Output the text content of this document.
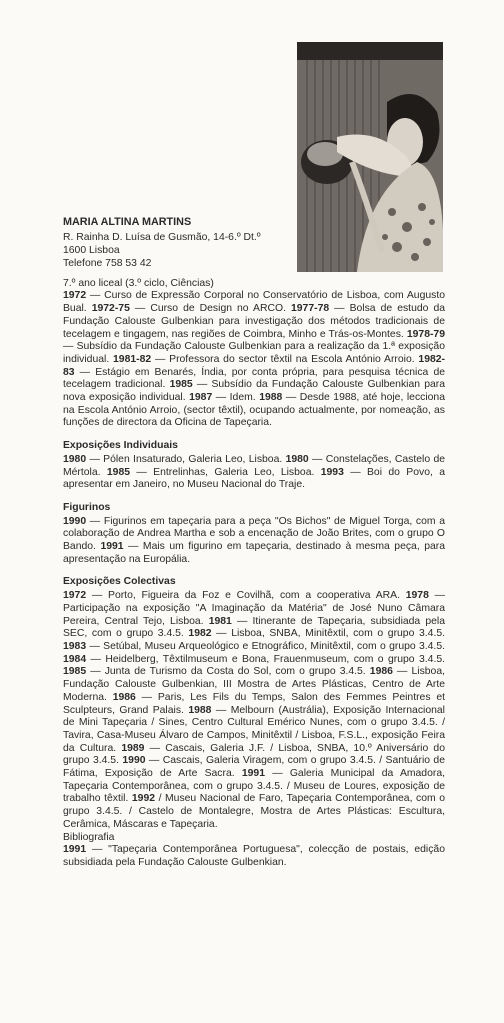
MARIA ALTINA MARTINS

R. Rainha D. Luísa de Gusmão, 14-6.º Dt.º
1600 Lisboa
Telefone 758 53 42
7.º ano liceal (3.º ciclo, Ciências)

1972 — Curso de Expressão Corporal no Conservatório de Lisboa, com Augusto Bual. 1972-75 — Curso de Design no ARCO. 1977-78 — Bolsa de estudo da Fundação Calouste Gulbenkian para investigação dos métodos tradicionais de tecelagem e tingagem, nas regiões de Coimbra, Minho e Trás-os-Montes. 1978-79 — Subsídio da Fundação Calouste Gulbenkian para a realização da 1.ª exposição individual. 1981-82 — Professora do sector têxtil na Escola António Arroio. 1982-83 — Estágio em Benarés, Índia, por conta própria, para pesquisa técnica de tecelagem tradicional. 1985 — Subsídio da Fundação Calouste Gulbenkian para nova exposição individual. 1987 — Idem. 1988 — Desde 1988, até hoje, lecciona na Escola António Arroio, (sector têxtil), ocupando actualmente, por nomeação, as funções de directora da Oficina de Tapeçaria.

Exposições Individuais

1980 — Pólen Insaturado, Galeria Leo, Lisboa. 1980 — Constelações, Castelo de Mértola. 1985 — Entrelinhas, Galeria Leo, Lisboa. 1993 — Boi do Povo, a apresentar em Janeiro, no Museu Nacional do Traje.

Figurinos

1990 — Figurinos em tapeçaria para a peça "Os Bichos" de Miguel Torga, com a colaboração de Andrea Martha e sob a encenação de João Brites, com o grupo O Bando. 1991 — Mais um figurino em tapeçaria, destinado à mesma peça, para apresentação na Europália.

Exposições Colectivas

1972 — Porto, Figueira da Foz e Covilhã, com a cooperativa ARA. 1978 — Participação na exposição "A Imaginação da Matéria" de José Nuno Câmara Pereira, Central Tejo, Lisboa. 1981 — Itinerante de Tapeçaria, subsidiada pela SEC, com o grupo 3.4.5. 1982 — Lisboa, SNBA, Minitêxtil, com o grupo 3.4.5. 1983 — Setúbal, Museu Arqueológico e Etnográfico, Minitêxtil, com o grupo 3.4.5. 1984 — Heidelberg, Têxtilmuseum e Bona, Frauenmuseum, com o grupo 3.4.5. 1985 — Junta de Turismo da Costa do Sol, com o grupo 3.4.5. 1986 — Lisboa, Fundação Calouste Gulbenkian, III Mostra de Artes Plásticas, Centro de Arte Moderna. 1986 — Paris, Les Fils du Temps, Salon des Femmes Peintres et Sculpteurs, Grand Palais. 1988 — Melbourn (Austrália), Exposição Internacional de Mini Tapeçaria / Sines, Centro Cultural Emérico Nunes, com o grupo 3.4.5. / Tavira, Casa-Museu Álvaro de Campos, Minitêxtil / Lisboa, F.S.L., exposição Feira da Cultura. 1989 — Cascais, Galeria J.F. / Lisboa, SNBA, 10.º Aniversário do grupo 3.4.5. 1990 — Cascais, Galeria Viragem, com o grupo 3.4.5. / Santuário de Fátima, Exposição de Arte Sacra. 1991 — Galeria Municipal da Amadora, Tapeçaria Contemporânea, com o grupo 3.4.5. / Museu de Loures, exposição de trabalho têxtil. 1992 / Museu Nacional de Faro, Tapeçaria Contemporânea, com o grupo 3.4.5. / Castelo de Montalegre, Mostra de Artes Plásticas: Escultura, Cerâmica, Máscaras e Tapeçaria.

Bibliografia

1991 — "Tapeçaria Contemporânea Portuguesa", colecção de postais, edição subsidiada pela Fundação Calouste Gulbenkian.
